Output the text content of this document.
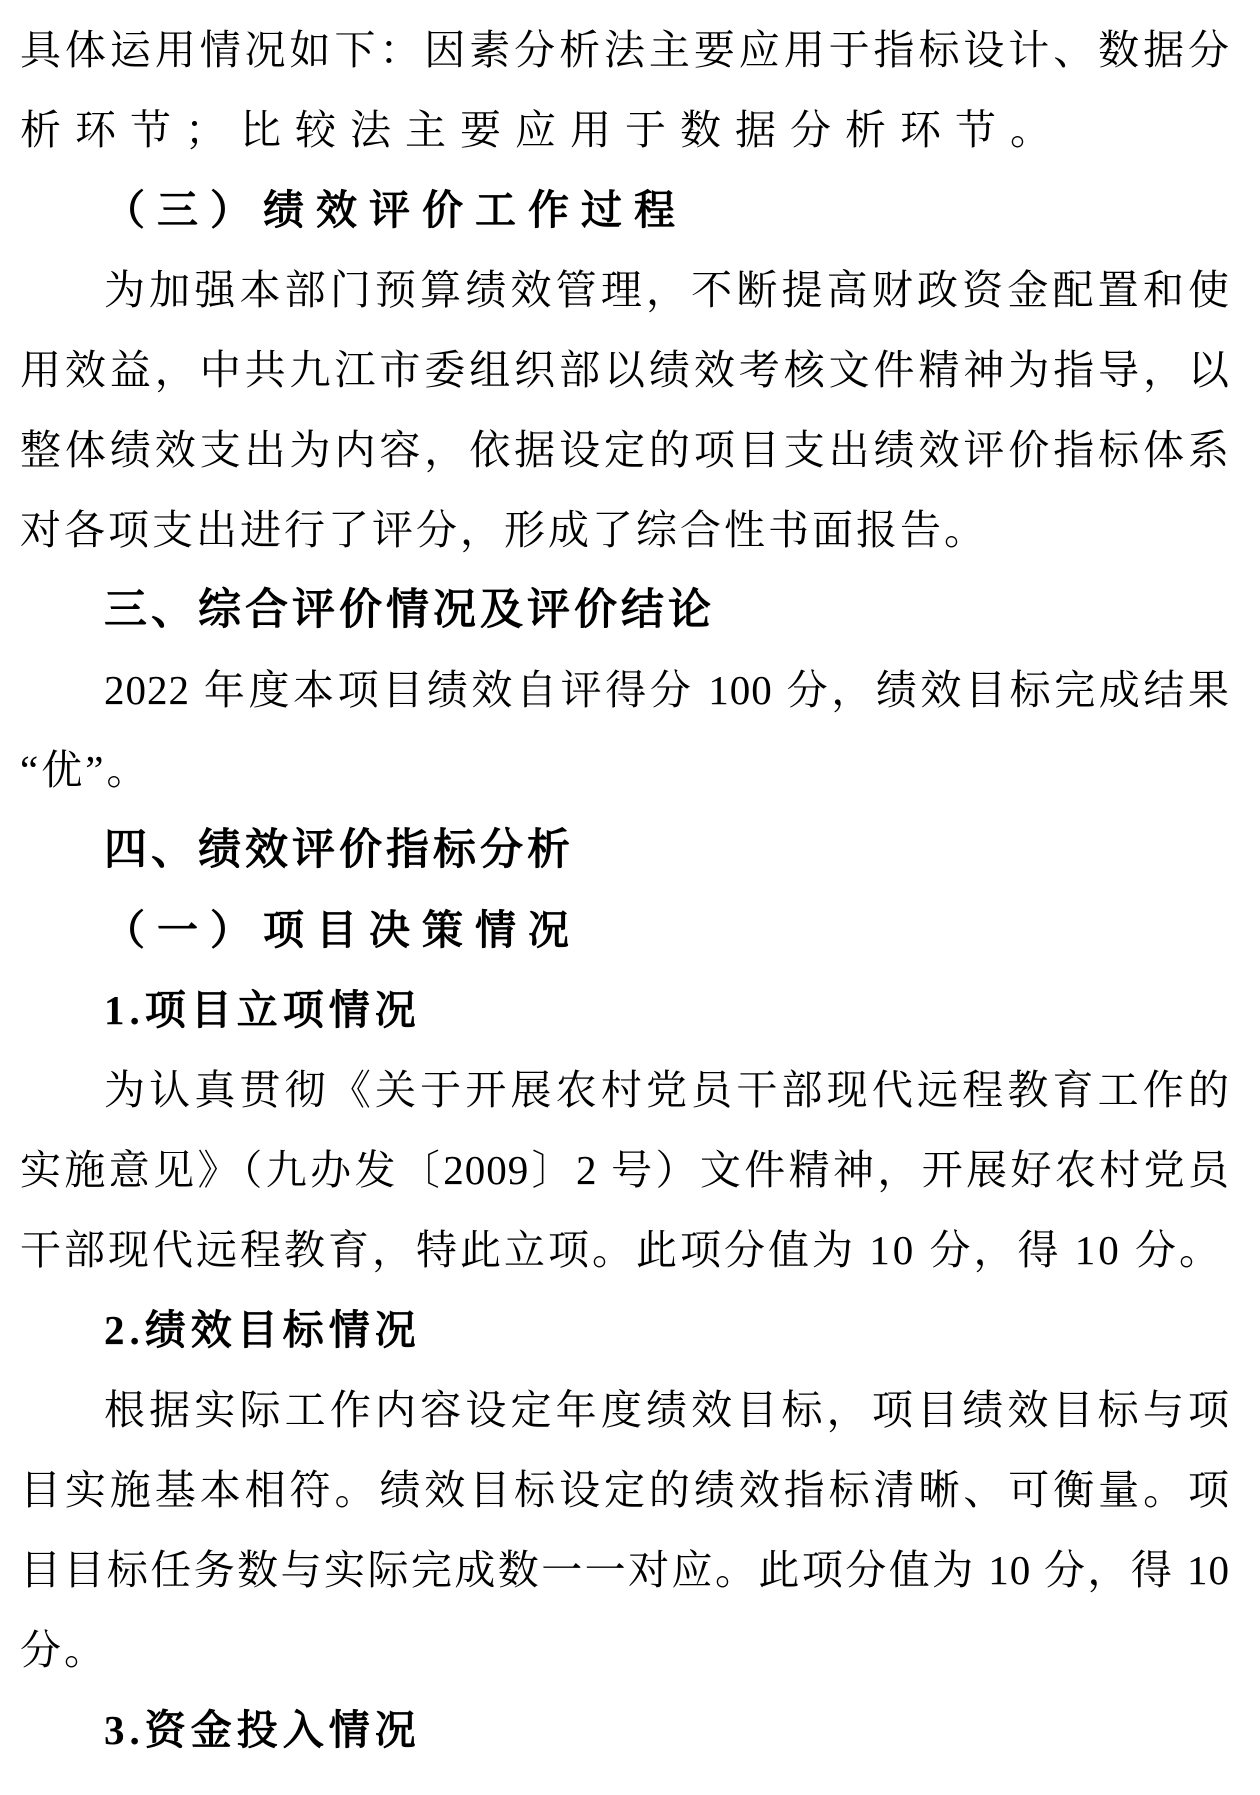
具体运用情况如下：因素分析法主要应用于指标设计、数据分
析环节；比较法主要应用于数据分析环节。
（三）绩效评价工作过程
为加强本部门预算绩效管理，不断提高财政资金配置和使
用效益，中共九江市委组织部以绩效考核文件精神为指导，以
整体绩效支出为内容，依据设定的项目支出绩效评价指标体系
对各项支出进行了评分，形成了综合性书面报告。
三、综合评价情况及评价结论
2022 年度本项目绩效自评得分 100 分，绩效目标完成结果
“优”。
四、绩效评价指标分析
（一）项目决策情况
1.项目立项情况
为认真贯彻《关于开展农村党员干部现代远程教育工作的
实施意见》（九办发〔2009〕2 号）文件精神，开展好农村党员
干部现代远程教育，特此立项。此项分值为 10 分，得 10 分。
2.绩效目标情况
根据实际工作内容设定年度绩效目标，项目绩效目标与项
目实施基本相符。绩效目标设定的绩效指标清晰、可衡量。项
目目标任务数与实际完成数一一对应。此项分值为 10 分，得 10
分。
3.资金投入情况
